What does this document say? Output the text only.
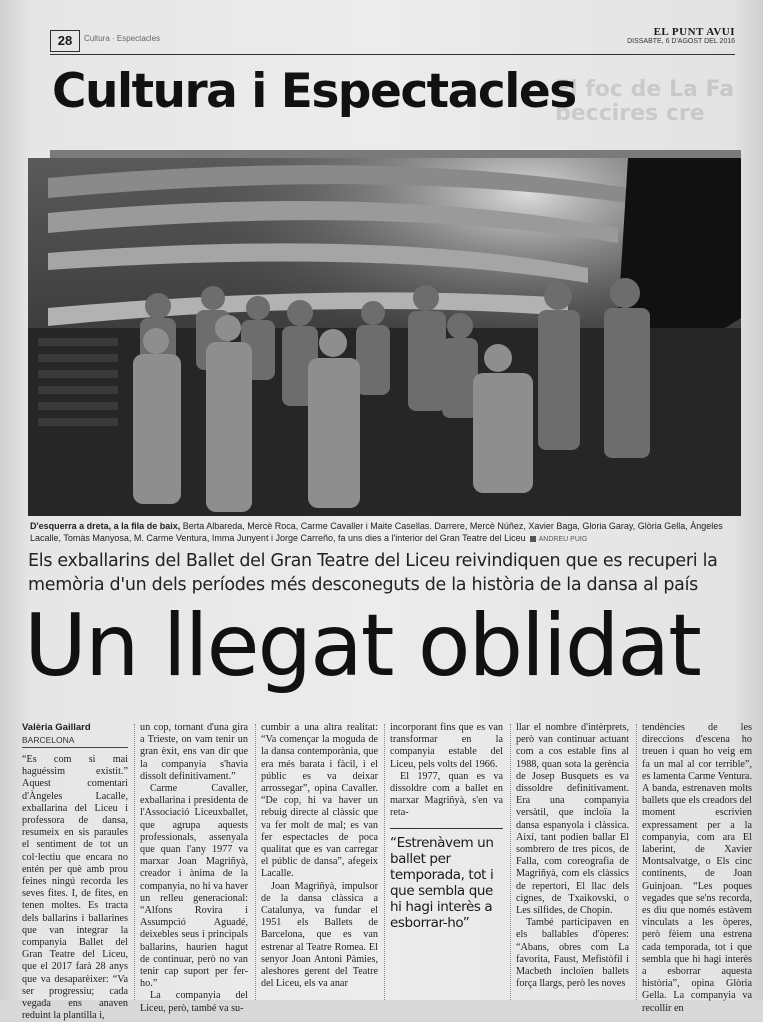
El foc de La Fa
beccires cre
28	Cultura · Espectacles
EL PUNT AVUI
DISSABTE, 6 D'AGOST DEL 2016
Cultura i Espectacles
D'esquerra a dreta, a la fila de baix, Berta Albareda, Mercè Roca, Carme Cavaller i Maite Casellas. Darrere, Mercè Núñez, Xavier Baga, Gloria Garay, Glòria Gella, Àngeles Lacalle, Tomàs Manyosa, M. Carme Ventura, Imma Junyent i Jorge Carreño, fa uns dies a l'interior del Gran Teatre del Liceu ANDREU PUIG
Els exballarins del Ballet del Gran Teatre del Liceu reivindiquen que es recuperi la memòria d'un dels períodes més desconeguts de la història de la dansa al país
Un llegat oblidat
Valèria Gaillard
BARCELONA

“Es com si mai haguéssim existit.” Aquest comentari d'Àngeles Lacalle, exballarina del Liceu i professora de dansa, resumeix en sis paraules el sentiment de tot un col·lectiu que encara no entén per què amb prou feines ningú recorda les seves fites. I, de fites, en tenen moltes. Es tracta dels ballarins i ballarines que van integrar la companyia Ballet del Gran Teatre del Liceu, que el 2017 farà 28 anys que va desaparèixer: “Va ser progressiu; cada vegada ens anaven reduint la plantilla i,

un cop, tornant d'una gira a Trieste, on vam tenir un gran èxit, ens van dir que la companyia s'havia dissolt definitivament.”

Carme Cavaller, exballarina i presidenta de l'Associació Liceuxballet, que agrupa aquests professionals, assenyala que quan l'any 1977 va marxar Joan Magriñyà, creador i ànima de la companyia, no hi va haver un relleu generacional: “Alfons Rovira i Assumpció Aguadé, deixebles seus i principals ballarins, haurien hagut de continuar, però no van tenir cap suport per fer-ho.”

La companyia del Liceu, però, també va su-

cumbir a una altra realitat: “Va començar la moguda de la dansa contemporània, que era més barata i fàcil, i el públic es va deixar arrossegar”, opina Cavaller. “De cop, hi va haver un rebuig directe al clàssic que va fer molt de mal; es van fer espectacles de poca qualitat que es van carregar el públic de dansa”, afegeix Lacalle.

Joan Magriñyà, impulsor de la dansa clàssica a Catalunya, va fundar el 1951 els Ballets de Barcelona, que es van estrenar al Teatre Romea. El senyor Joan Antoni Pàmies, aleshores gerent del Teatre del Liceu, els va anar

incorporant fins que es van transformar en la companyia estable del Liceu, pels volts del 1966.

El 1977, quan es va dissoldre com a ballet en marxar Magriñyà, s'en va reta-

“Estrenàvem un ballet per temporada, tot i que sembla que hi hagi interès a esborrar-ho”

llar el nombre d'intèrprets, però van continuar actuant com a cos estable fins al 1988, quan sota la gerència de Josep Busquets es va dissoldre definitivament. Era una companyia versàtil, que incloïa la dansa espanyola i clàssica. Així, tant podien ballar El sombrero de tres picos, de Falla, com coreografia de Magriñyà, com els clàssics de repertori, El llac dels cignes, de Txaikovski, o Les sílfides, de Chopin.

També participaven en els ballables d'òperes: “Abans, obres com La favorita, Faust, Mefistòfil i Macbeth incloïen ballets força llargs, però les noves

tendències de les direccions d'escena ho treuen i quan ho veig em fa un mal al cor terrible”, es lamenta Carme Ventura. A banda, estrenaven molts ballets que els creadors del moment escrivien expressament per a la companyia, com ara El laberint, de Xavier Montsalvatge, o Els cinc continents, de Joan Guinjoan. “Les poques vegades que se'ns recorda, es diu que només estàvem vinculats a les òperes, però fèiem una estrena cada temporada, tot i que sembla que hi hagi interès a esborrar aquesta història”, opina Glòria Gella. La companyia va recollir en
